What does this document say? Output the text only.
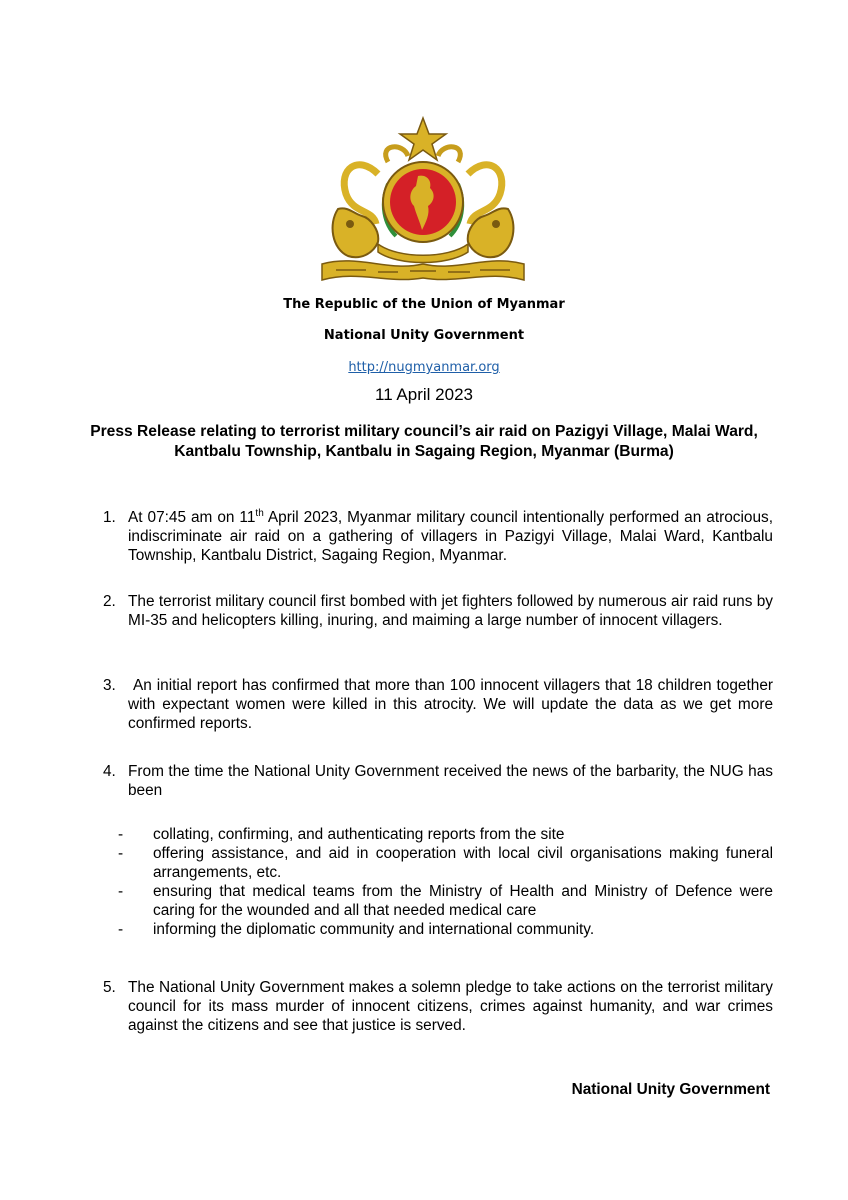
The Republic of the Union of Myanmar
National Unity Government
http://nugmyanmar.org
11 April 2023
Press Release relating to terrorist military council’s air raid on Pazigyi Village, Malai Ward, Kantbalu Township, Kantbalu in Sagaing Region, Myanmar (Burma)
1. At 07:45 am on 11th April 2023, Myanmar military council intentionally performed an atrocious, indiscriminate air raid on a gathering of villagers in Pazigyi Village, Malai Ward, Kantbalu Township, Kantbalu District, Sagaing Region, Myanmar.
2. The terrorist military council first bombed with jet fighters followed by numerous air raid runs by MI-35 and helicopters killing, inuring, and maiming a large number of innocent villagers.
3. An initial report has confirmed that more than 100 innocent villagers that 18 children together with expectant women were killed in this atrocity. We will update the data as we get more confirmed reports.
4. From the time the National Unity Government received the news of the barbarity, the NUG has been
- collating, confirming, and authenticating reports from the site
- offering assistance, and aid in cooperation with local civil organisations making funeral arrangements, etc.
- ensuring that medical teams from the Ministry of Health and Ministry of Defence were caring for the wounded and all that needed medical care
- informing the diplomatic community and international community.
5. The National Unity Government makes a solemn pledge to take actions on the terrorist military council for its mass murder of innocent citizens, crimes against humanity, and war crimes against the citizens and see that justice is served.
National Unity Government
